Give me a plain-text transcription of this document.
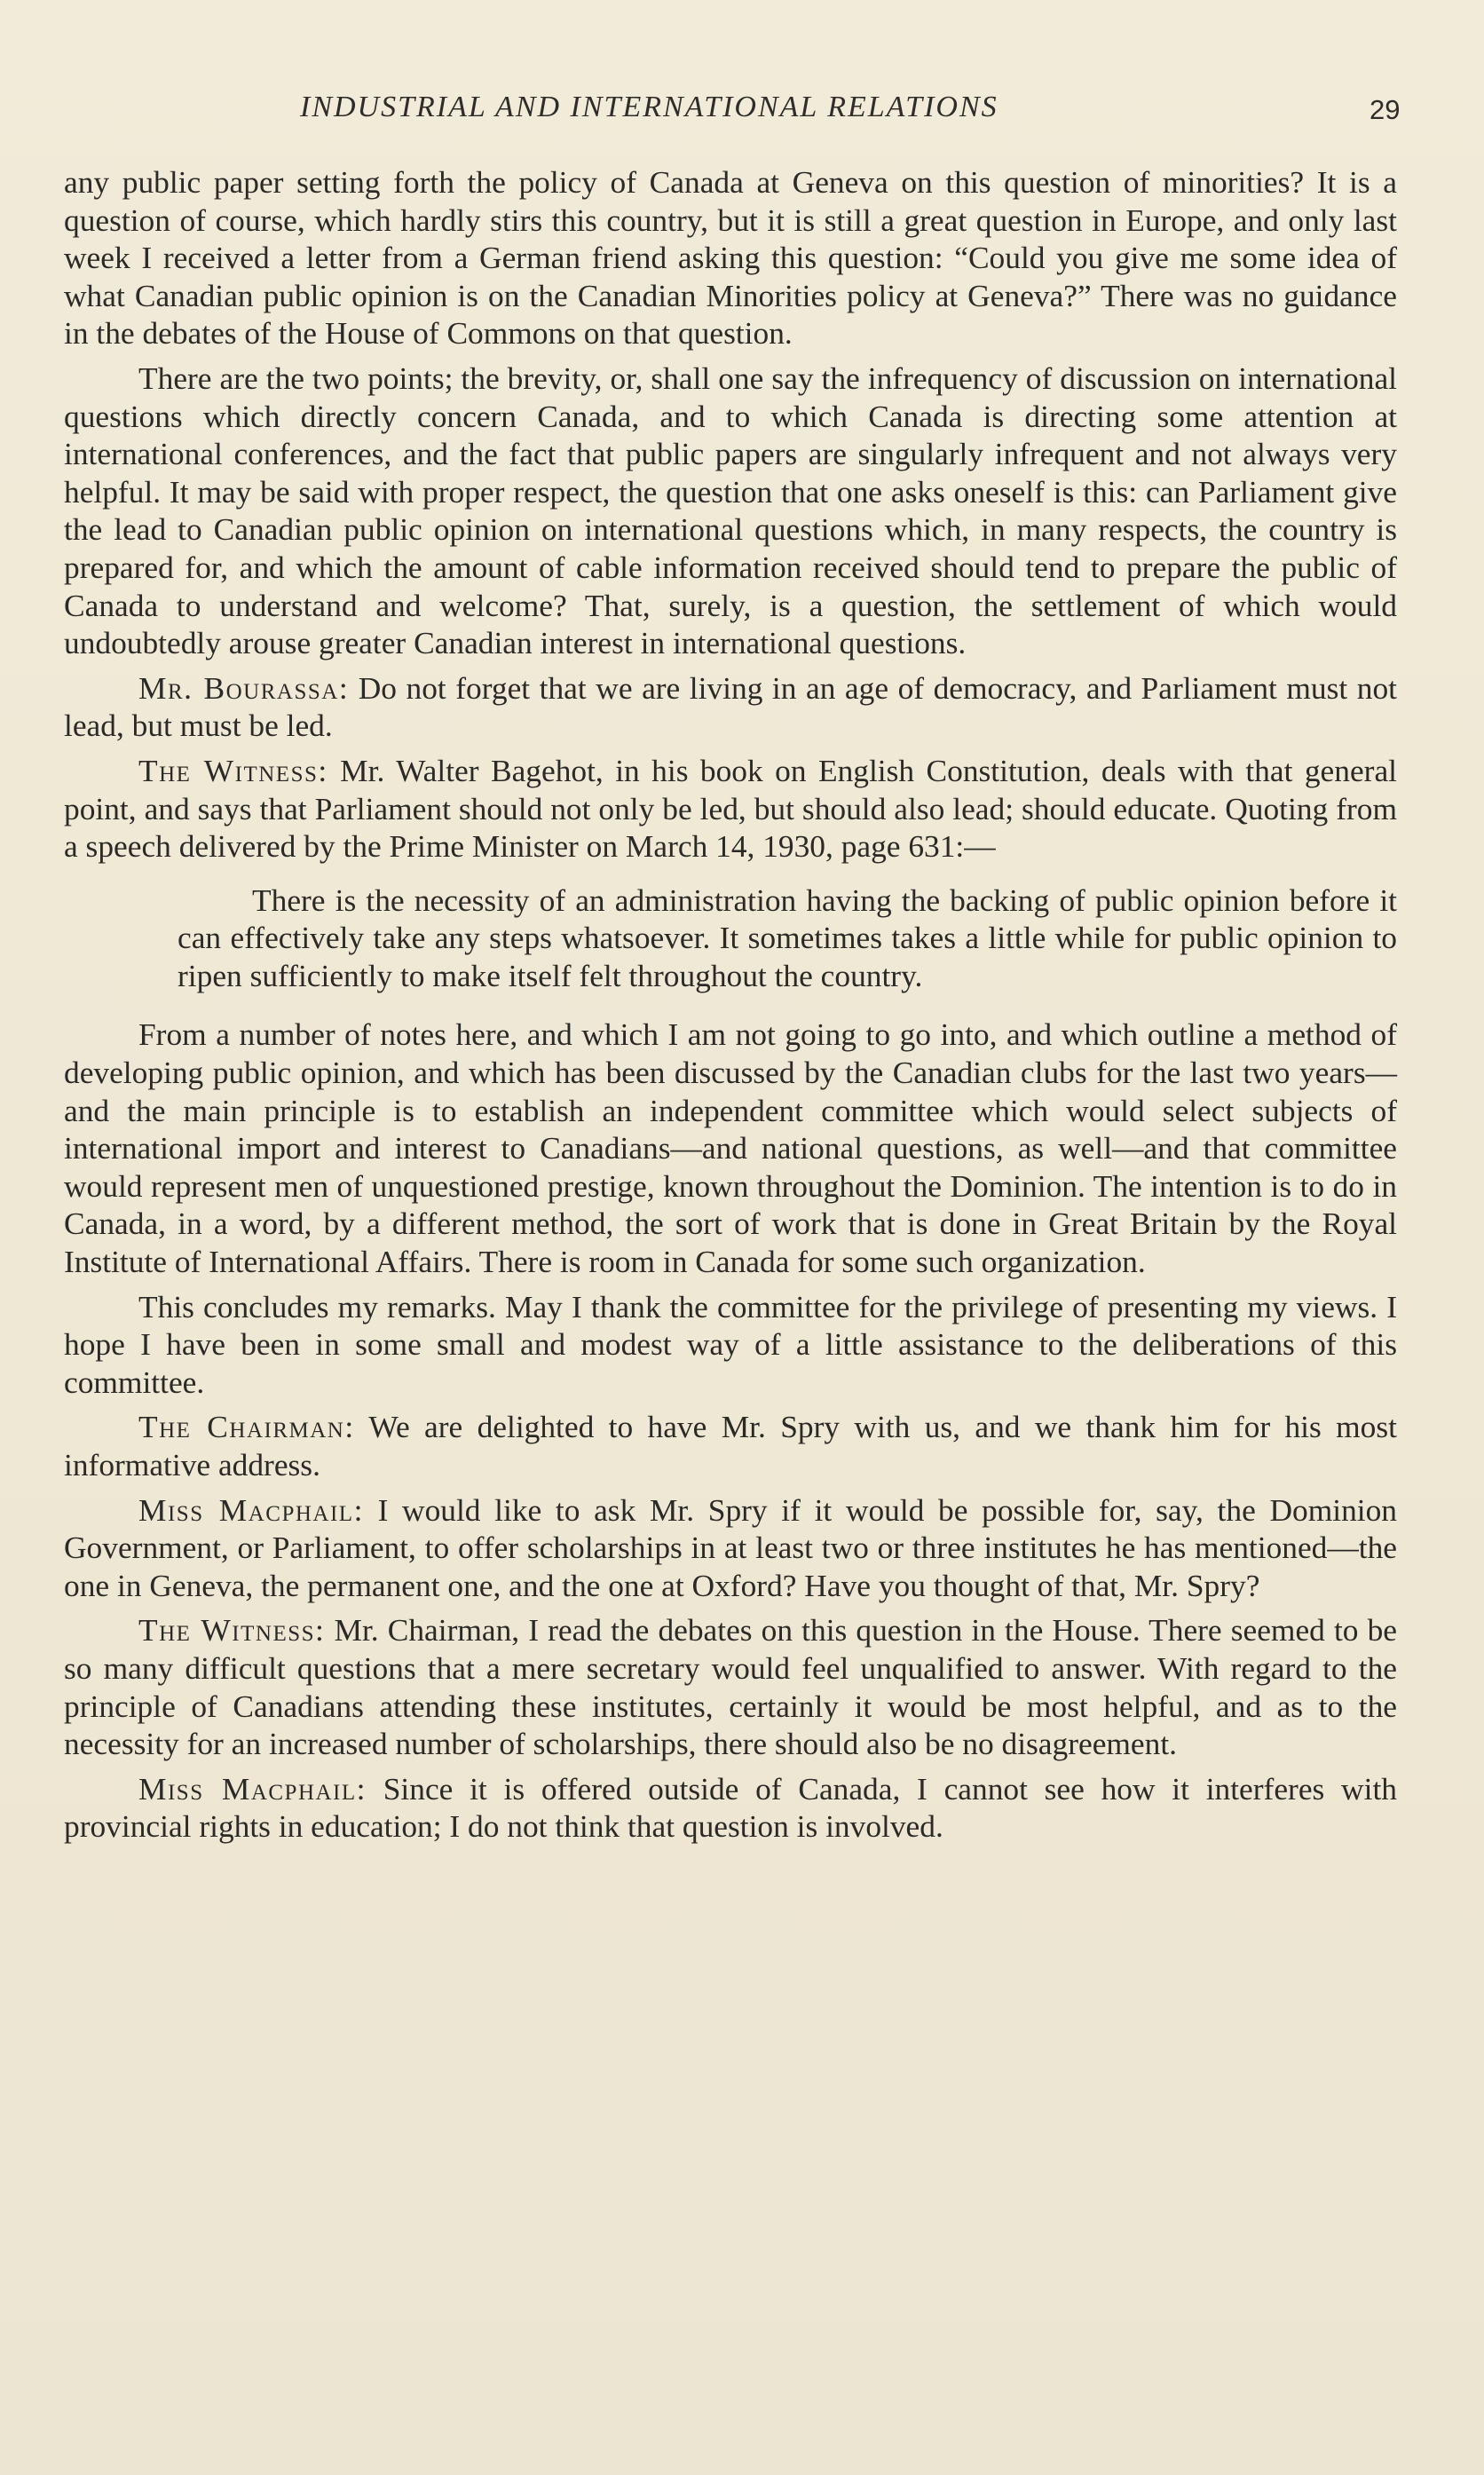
INDUSTRIAL AND INTERNATIONAL RELATIONS	29

any public paper setting forth the policy of Canada at Geneva on this question of minorities? It is a question of course, which hardly stirs this country, but it is still a great question in Europe, and only last week I received a letter from a German friend asking this question: “Could you give me some idea of what Canadian public opinion is on the Canadian Minorities policy at Geneva?” There was no guidance in the debates of the House of Commons on that question.

There are the two points; the brevity, or, shall one say the infrequency of discussion on international questions which directly concern Canada, and to which Canada is directing some attention at international conferences, and the fact that public papers are singularly infrequent and not always very helpful. It may be said with proper respect, the question that one asks oneself is this: can Parliament give the lead to Canadian public opinion on international questions which, in many respects, the country is prepared for, and which the amount of cable information received should tend to prepare the public of Canada to understand and welcome? That, surely, is a question, the settlement of which would undoubtedly arouse greater Canadian interest in international questions.

Mr. Bourassa: Do not forget that we are living in an age of democracy, and Parliament must not lead, but must be led.

The Witness: Mr. Walter Bagehot, in his book on English Constitution, deals with that general point, and says that Parliament should not only be led, but should also lead; should educate. Quoting from a speech delivered by the Prime Minister on March 14, 1930, page 631:—

There is the necessity of an administration having the backing of public opinion before it can effectively take any steps whatsoever. It sometimes takes a little while for public opinion to ripen sufficiently to make itself felt throughout the country.

From a number of notes here, and which I am not going to go into, and which outline a method of developing public opinion, and which has been discussed by the Canadian clubs for the last two years—and the main principle is to establish an independent committee which would select subjects of international import and interest to Canadians—and national questions, as well—and that committee would represent men of unquestioned prestige, known throughout the Dominion. The intention is to do in Canada, in a word, by a different method, the sort of work that is done in Great Britain by the Royal Institute of International Affairs. There is room in Canada for some such organization.

This concludes my remarks. May I thank the committee for the privilege of presenting my views. I hope I have been in some small and modest way of a little assistance to the deliberations of this committee.

The Chairman: We are delighted to have Mr. Spry with us, and we thank him for his most informative address.

Miss Macphail: I would like to ask Mr. Spry if it would be possible for, say, the Dominion Government, or Parliament, to offer scholarships in at least two or three institutes he has mentioned—the one in Geneva, the permanent one, and the one at Oxford? Have you thought of that, Mr. Spry?

The Witness: Mr. Chairman, I read the debates on this question in the House. There seemed to be so many difficult questions that a mere secretary would feel unqualified to answer. With regard to the principle of Canadians attending these institutes, certainly it would be most helpful, and as to the necessity for an increased number of scholarships, there should also be no disagreement.

Miss Macphail: Since it is offered outside of Canada, I cannot see how it interferes with provincial rights in education; I do not think that question is involved.
